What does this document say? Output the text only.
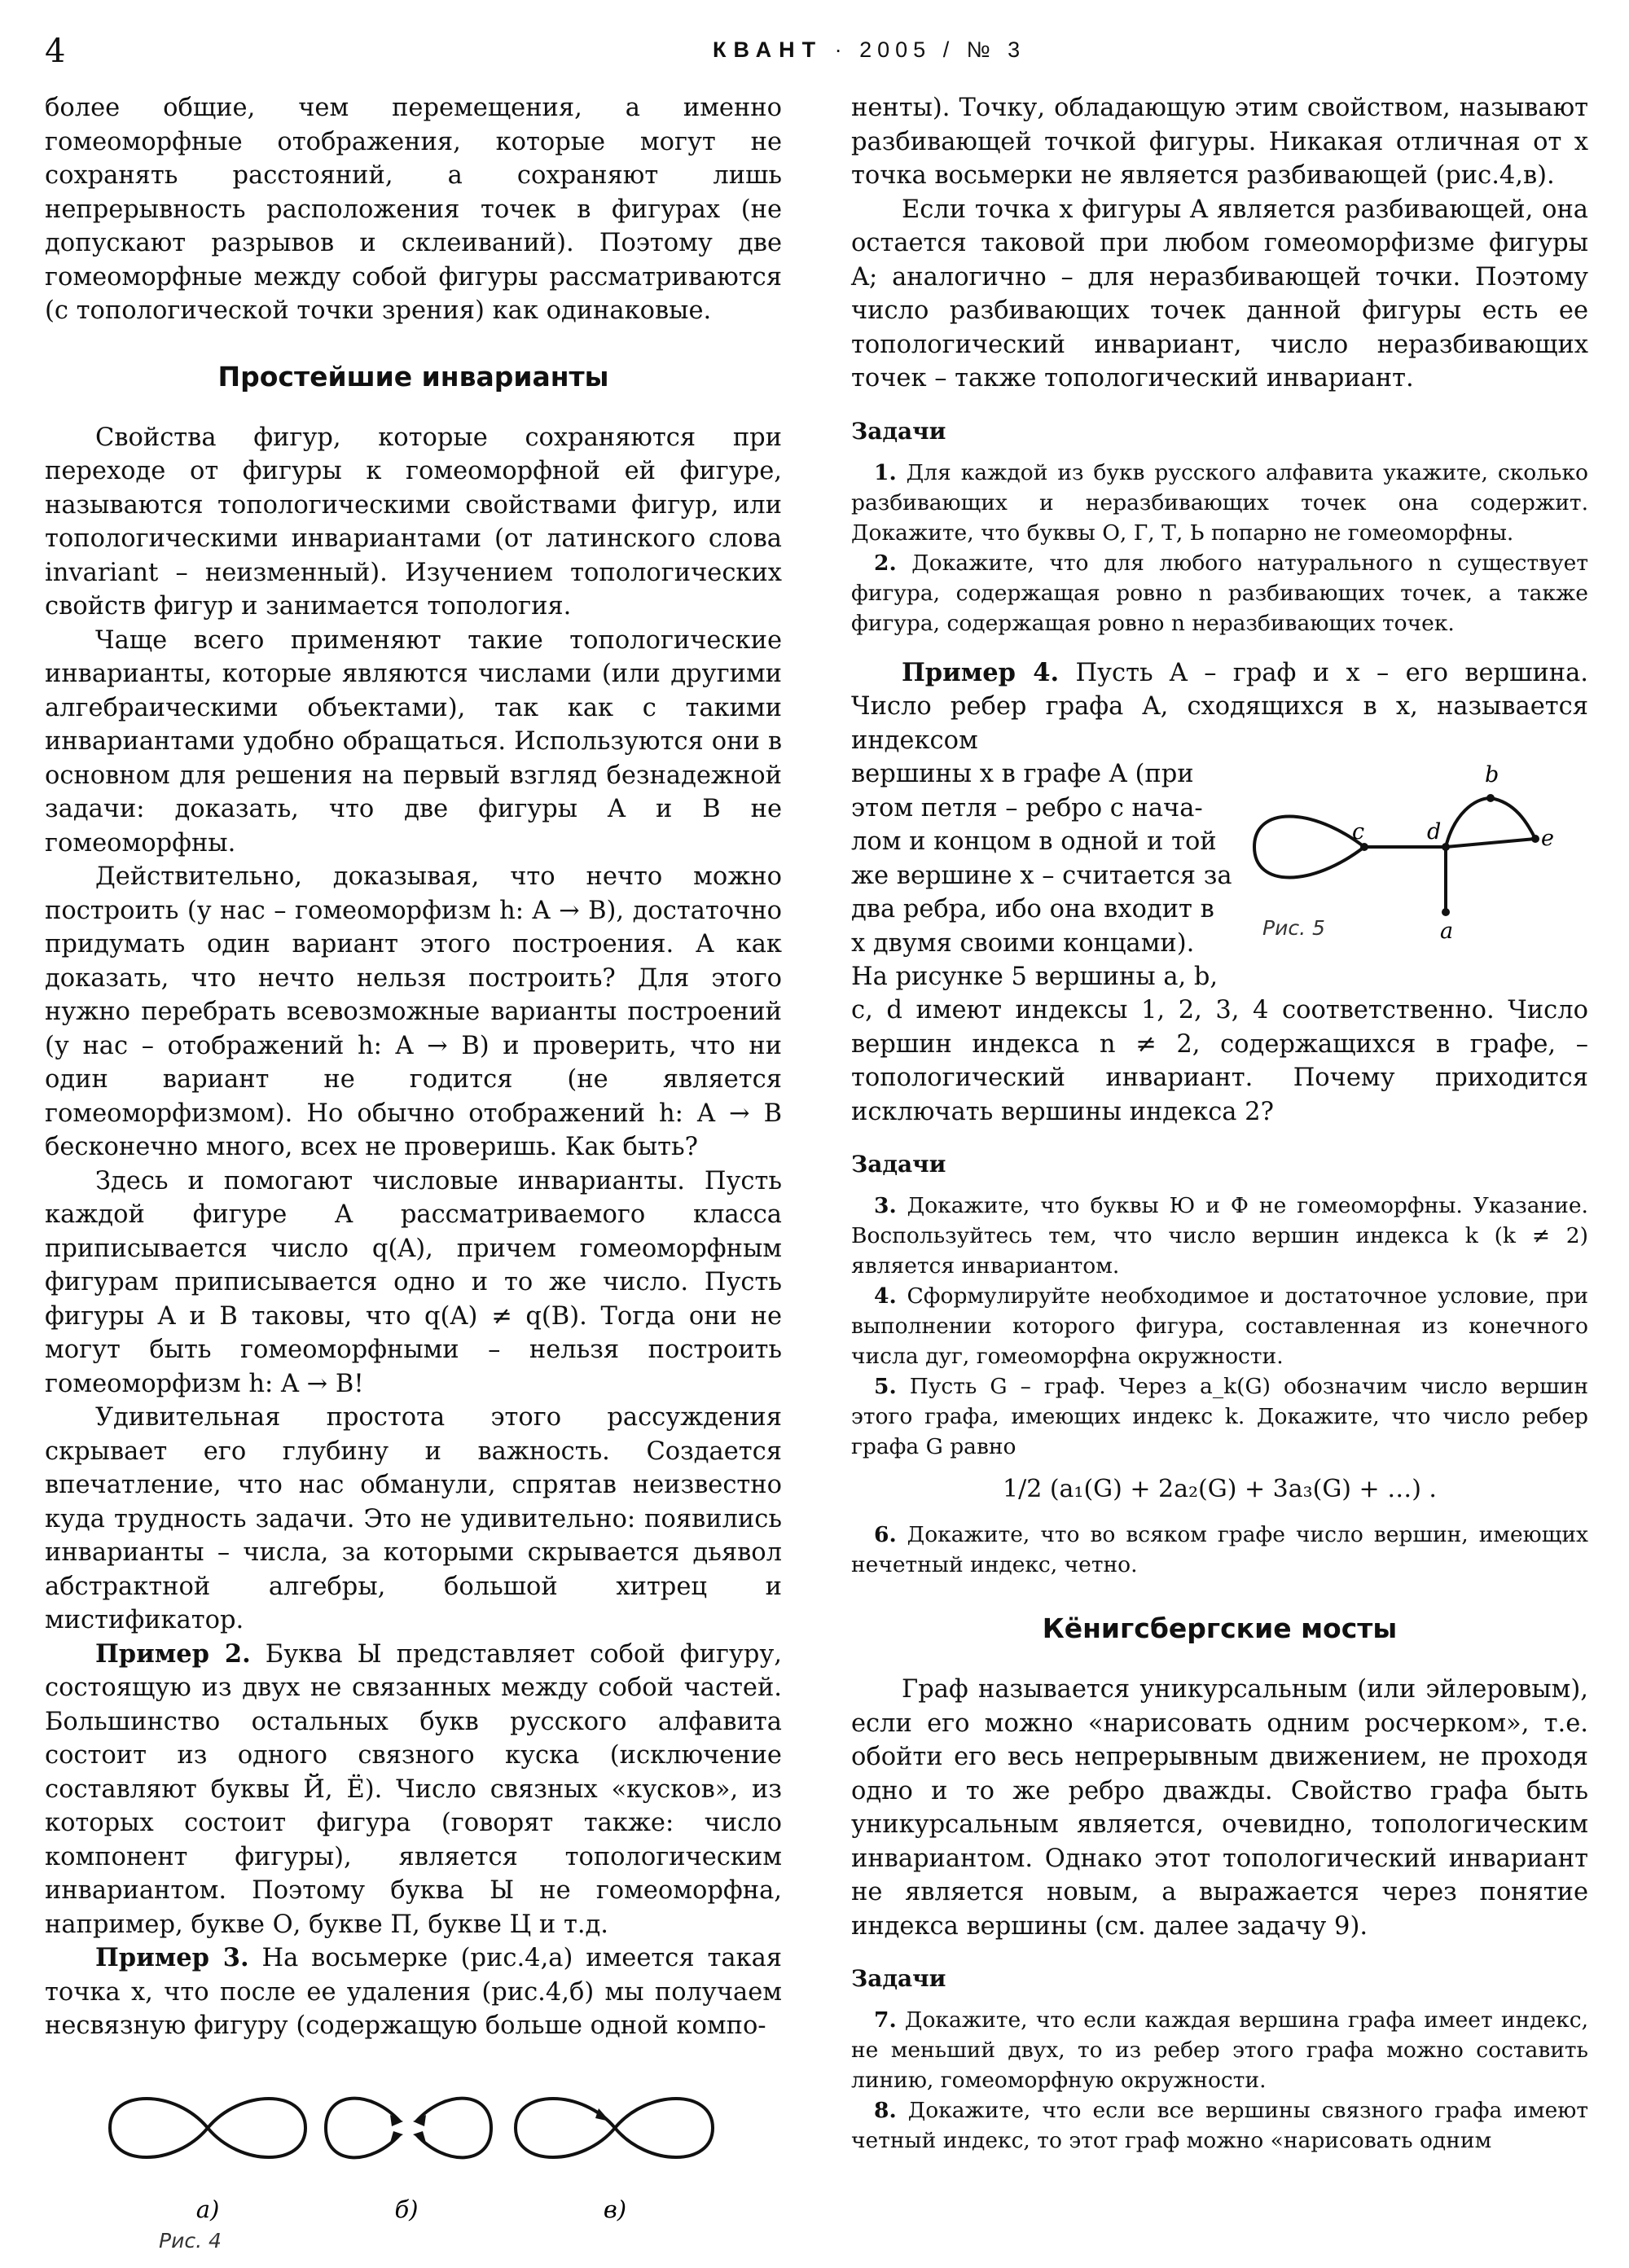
4	КВАНТ · 2005 / № 3

более общие, чем перемещения, а именно гомеоморфные отображения, которые могут не сохранять расстояний, а сохраняют лишь непрерывность расположения точек в фигурах (не допускают разрывов и склеиваний). Поэтому две гомеоморфные между собой фигуры рассматриваются (с топологической точки зрения) как одинаковые.

Простейшие инварианты

Свойства фигур, которые сохраняются при переходе от фигуры к гомеоморфной ей фигуре, называются топологическими свойствами фигур, или топологическими инвариантами (от латинского слова invariant – неизменный). Изучением топологических свойств фигур и занимается топология.

Чаще всего применяют такие топологические инварианты, которые являются числами (или другими алгебраическими объектами), так как с такими инвариантами удобно обращаться. Используются они в основном для решения на первый взгляд безнадежной задачи: доказать, что две фигуры A и B не гомеоморфны.

Действительно, доказывая, что нечто можно построить (у нас – гомеоморфизм h: A → B), достаточно придумать один вариант этого построения. А как доказать, что нечто нельзя построить? Для этого нужно перебрать всевозможные варианты построений (у нас – отображений h: A → B) и проверить, что ни один вариант не годится (не является гомеоморфизмом). Но обычно отображений h: A → B бесконечно много, всех не проверишь. Как быть?

Здесь и помогают числовые инварианты. Пусть каждой фигуре A рассматриваемого класса приписывается число q(A), причем гомеоморфным фигурам приписывается одно и то же число. Пусть фигуры A и B таковы, что q(A) ≠ q(B). Тогда они не могут быть гомеоморфными – нельзя построить гомеоморфизм h: A → B!

Удивительная простота этого рассуждения скрывает его глубину и важность. Создается впечатление, что нас обманули, спрятав неизвестно куда трудность задачи. Это не удивительно: появились инварианты – числа, за которыми скрывается дьявол абстрактной алгебры, большой хитрец и мистификатор.

Пример 2. Буква Ы представляет собой фигуру, состоящую из двух не связанных между собой частей. Большинство остальных букв русского алфавита состоит из одного связного куска (исключение составляют буквы Й, Ё). Число связных «кусков», из которых состоит фигура (говорят также: число компонент фигуры), является топологическим инвариантом. Поэтому буква Ы не гомеоморфна, например, букве О, букве П, букве Ц и т.д.

Пример 3. На восьмерке (рис.4,а) имеется такая точка x, что после ее удаления (рис.4,б) мы получаем несвязную фигуру (содержащую больше одной компо-

а)	б)	в)
Рис. 4

ненты). Точку, обладающую этим свойством, называют разбивающей точкой фигуры. Никакая отличная от x точка восьмерки не является разбивающей (рис.4,в).

Если точка x фигуры A является разбивающей, она остается таковой при любом гомеоморфизме фигуры A; аналогично – для неразбивающей точки. Поэтому число разбивающих точек данной фигуры есть ее топологический инвариант, число неразбивающих точек – также топологический инвариант.

Задачи

1. Для каждой из букв русского алфавита укажите, сколько разбивающих и неразбивающих точек она содержит. Докажите, что буквы О, Г, Т, Ь попарно не гомеоморфны.

2. Докажите, что для любого натурального n существует фигура, содержащая ровно n разбивающих точек, а также фигура, содержащая ровно n неразбивающих точек.

Пример 4. Пусть A – граф и x – его вершина. Число ребер графа A, сходящихся в x, называется индексом

вершины x в графе A (при

этом петля – ребро с нача-

лом и концом в одной и той

же вершине x – считается за

два ребра, ибо она входит в

x двумя своими концами).

На рисунке 5 вершины a, b,

c	d
b
e
a
Рис. 5

c, d имеют индексы 1, 2, 3, 4 соответственно. Число вершин индекса n ≠ 2, содержащихся в графе, – топологический инвариант. Почему приходится исключать вершины индекса 2?

Задачи

3. Докажите, что буквы Ю и Ф не гомеоморфны. Указание. Воспользуйтесь тем, что число вершин индекса k (k ≠ 2) является инвариантом.

4. Сформулируйте необходимое и достаточное условие, при выполнении которого фигура, составленная из конечного числа дуг, гомеоморфна окружности.

5. Пусть G – граф. Через a_k(G) обозначим число вершин этого графа, имеющих индекс k. Докажите, что число ребер графа G равно

1/2 (a₁(G) + 2a₂(G) + 3a₃(G) + …) .

6. Докажите, что во всяком графе число вершин, имеющих нечетный индекс, четно.

Кёнигсбергские мосты

Граф называется уникурсальным (или эйлеровым), если его можно «нарисовать одним росчерком», т.е. обойти его весь непрерывным движением, не проходя одно и то же ребро дважды. Свойство графа быть уникурсальным является, очевидно, топологическим инвариантом. Однако этот топологический инвариант не является новым, а выражается через понятие индекса вершины (см. далее задачу 9).

Задачи

7. Докажите, что если каждая вершина графа имеет индекс, не меньший двух, то из ребер этого графа можно составить линию, гомеоморфную окружности.

8. Докажите, что если все вершины связного графа имеют четный индекс, то этот граф можно «нарисовать одним
